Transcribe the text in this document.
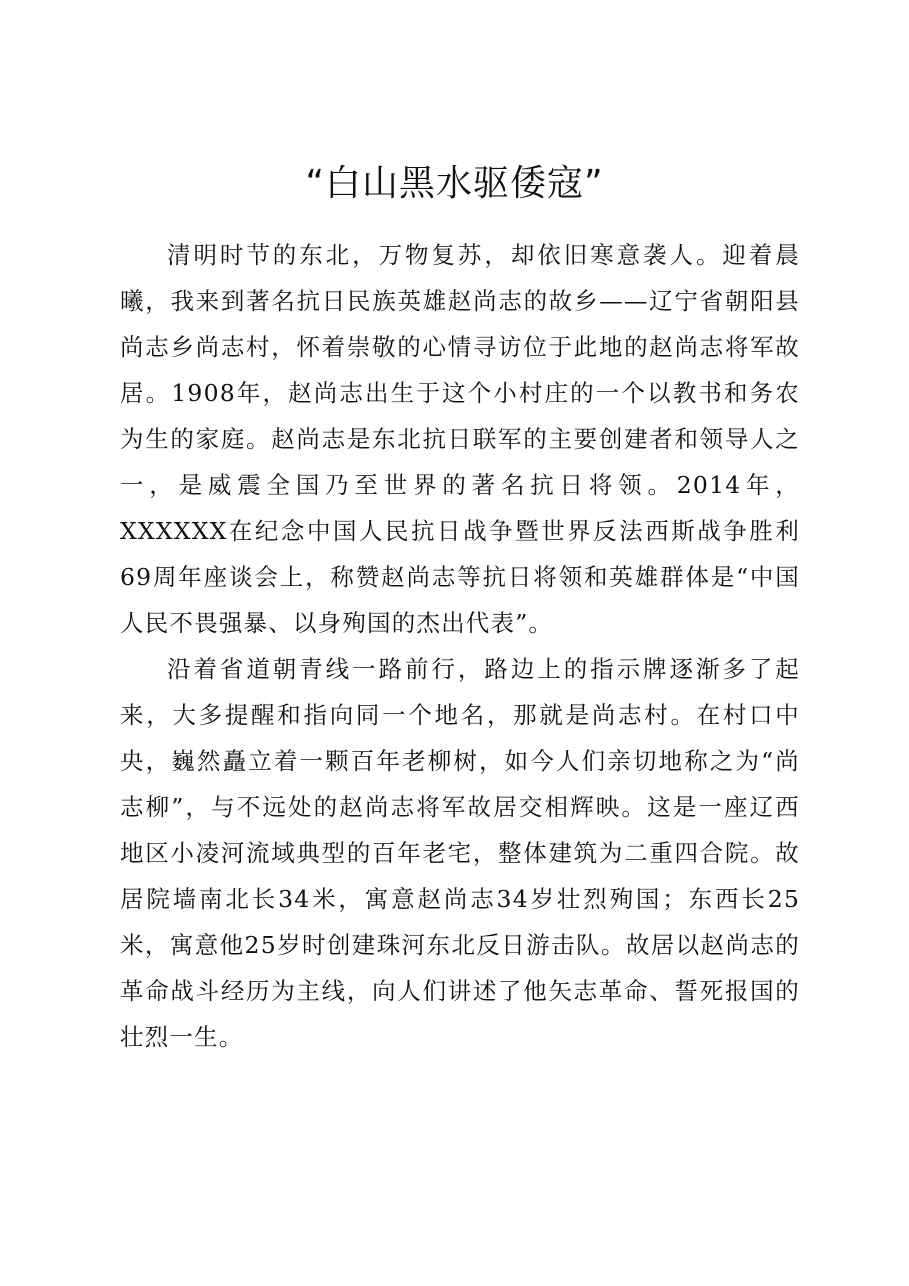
“白山黑水驱倭寇”

清明时节的东北，万物复苏，却依旧寒意袭人。迎着晨曦，我来到著名抗日民族英雄赵尚志的故乡——辽宁省朝阳县尚志乡尚志村，怀着崇敬的心情寻访位于此地的赵尚志将军故居。1908年，赵尚志出生于这个小村庄的一个以教书和务农为生的家庭。赵尚志是东北抗日联军的主要创建者和领导人之一，是威震全国乃至世界的著名抗日将领。2014年，XXXXXX在纪念中国人民抗日战争暨世界反法西斯战争胜利69周年座谈会上，称赞赵尚志等抗日将领和英雄群体是“中国人民不畏强暴、以身殉国的杰出代表”。

沿着省道朝青线一路前行，路边上的指示牌逐渐多了起来，大多提醒和指向同一个地名，那就是尚志村。在村口中央，巍然矗立着一颗百年老柳树，如今人们亲切地称之为“尚志柳”，与不远处的赵尚志将军故居交相辉映。这是一座辽西地区小凌河流域典型的百年老宅，整体建筑为二重四合院。故居院墙南北长34米，寓意赵尚志34岁壮烈殉国；东西长25米，寓意他25岁时创建珠河东北反日游击队。故居以赵尚志的革命战斗经历为主线，向人们讲述了他矢志革命、誓死报国的壮烈一生。
